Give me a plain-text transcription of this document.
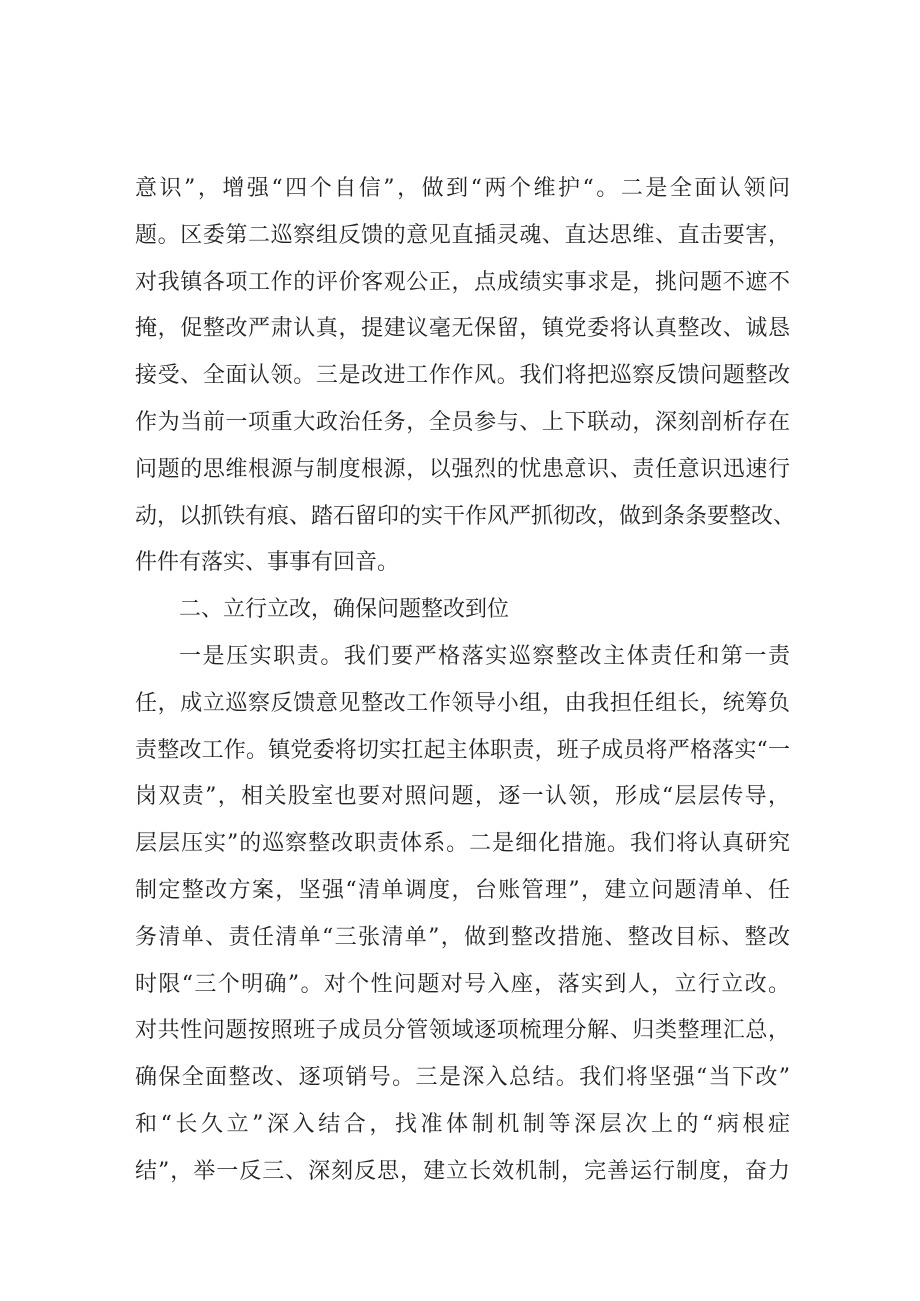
意识”，增强“四个自信”，做到“两个维护“。二是全面认领问
题。区委第二巡察组反馈的意见直插灵魂、直达思维、直击要害，
对我镇各项工作的评价客观公正，点成绩实事求是，挑问题不遮不
掩，促整改严肃认真，提建议毫无保留，镇党委将认真整改、诚恳
接受、全面认领。三是改进工作作风。我们将把巡察反馈问题整改
作为当前一项重大政治任务，全员参与、上下联动，深刻剖析存在
问题的思维根源与制度根源，以强烈的忧患意识、责任意识迅速行
动，以抓铁有痕、踏石留印的实干作风严抓彻改，做到条条要整改、
件件有落实、事事有回音。
二、立行立改，确保问题整改到位
一是压实职责。我们要严格落实巡察整改主体责任和第一责
任，成立巡察反馈意见整改工作领导小组，由我担任组长，统筹负
责整改工作。镇党委将切实扛起主体职责，班子成员将严格落实“一
岗双责”，相关股室也要对照问题，逐一认领，形成“层层传导，
层层压实”的巡察整改职责体系。二是细化措施。我们将认真研究
制定整改方案，坚强“清单调度，台账管理”，建立问题清单、任
务清单、责任清单“三张清单”，做到整改措施、整改目标、整改
时限“三个明确”。对个性问题对号入座，落实到人，立行立改。
对共性问题按照班子成员分管领域逐项梳理分解、归类整理汇总，
确保全面整改、逐项销号。三是深入总结。我们将坚强“当下改”
和“长久立”深入结合，找准体制机制等深层次上的“病根症
结”，举一反三、深刻反思，建立长效机制，完善运行制度，奋力
